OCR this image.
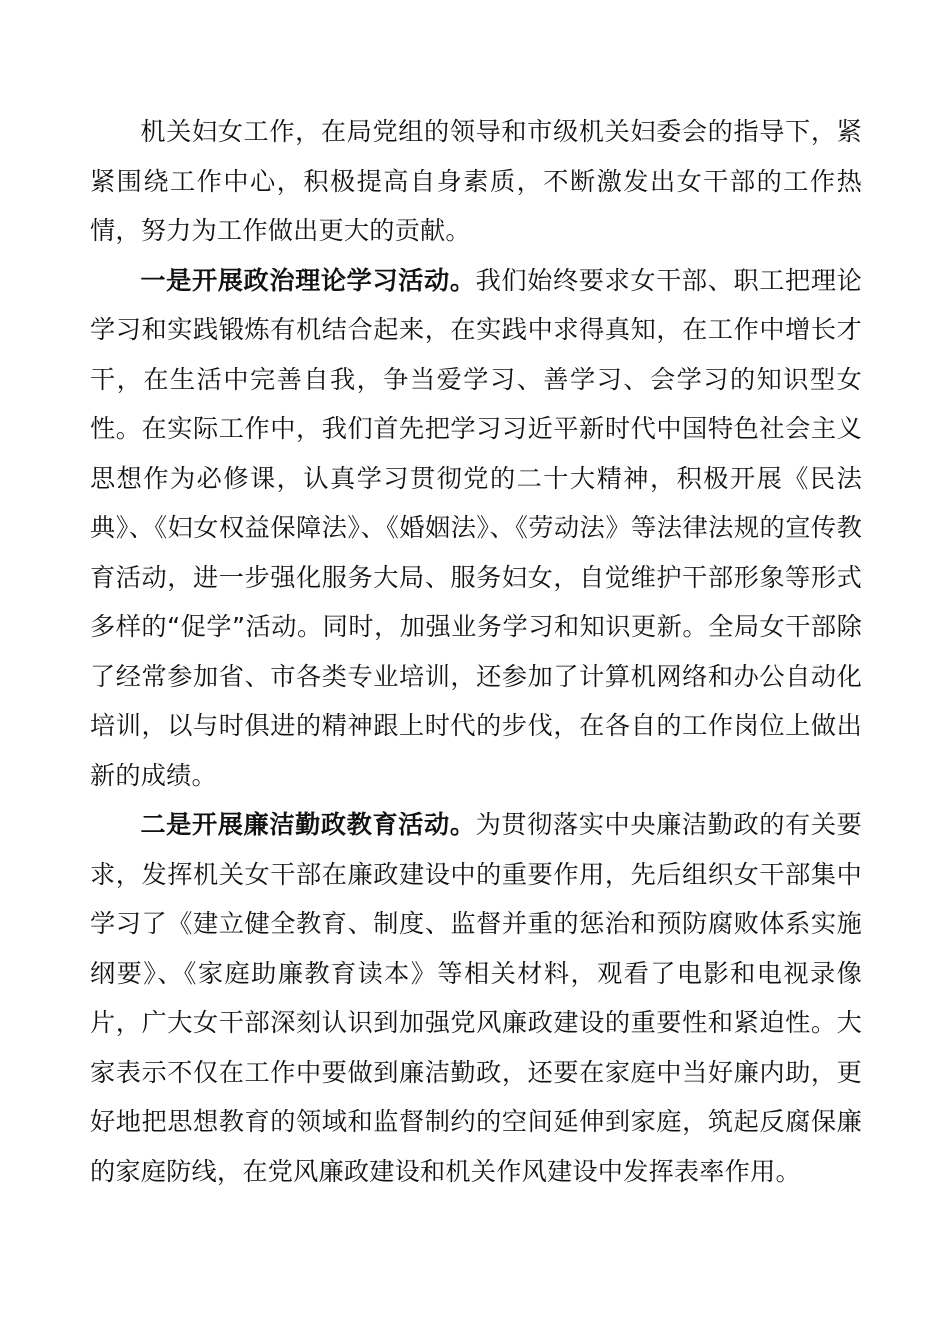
机关妇女工作，在局党组的领导和市级机关妇委会的指导下，紧紧围绕工作中心，积极提高自身素质，不断激发出女干部的工作热情，努力为工作做出更大的贡献。

一是开展政治理论学习活动。我们始终要求女干部、职工把理论学习和实践锻炼有机结合起来，在实践中求得真知，在工作中增长才干，在生活中完善自我，争当爱学习、善学习、会学习的知识型女性。在实际工作中，我们首先把学习习近平新时代中国特色社会主义思想作为必修课，认真学习贯彻党的二十大精神，积极开展《民法典》、《妇女权益保障法》、《婚姻法》、《劳动法》等法律法规的宣传教育活动，进一步强化服务大局、服务妇女，自觉维护干部形象等形式多样的“促学”活动。同时，加强业务学习和知识更新。全局女干部除了经常参加省、市各类专业培训，还参加了计算机网络和办公自动化培训，以与时俱进的精神跟上时代的步伐，在各自的工作岗位上做出新的成绩。

二是开展廉洁勤政教育活动。为贯彻落实中央廉洁勤政的有关要求，发挥机关女干部在廉政建设中的重要作用，先后组织女干部集中学习了《建立健全教育、制度、监督并重的惩治和预防腐败体系实施纲要》、《家庭助廉教育读本》等相关材料，观看了电影和电视录像片，广大女干部深刻认识到加强党风廉政建设的重要性和紧迫性。大家表示不仅在工作中要做到廉洁勤政，还要在家庭中当好廉内助，更好地把思想教育的领域和监督制约的空间延伸到家庭，筑起反腐保廉的家庭防线，在党风廉政建设和机关作风建设中发挥表率作用。
